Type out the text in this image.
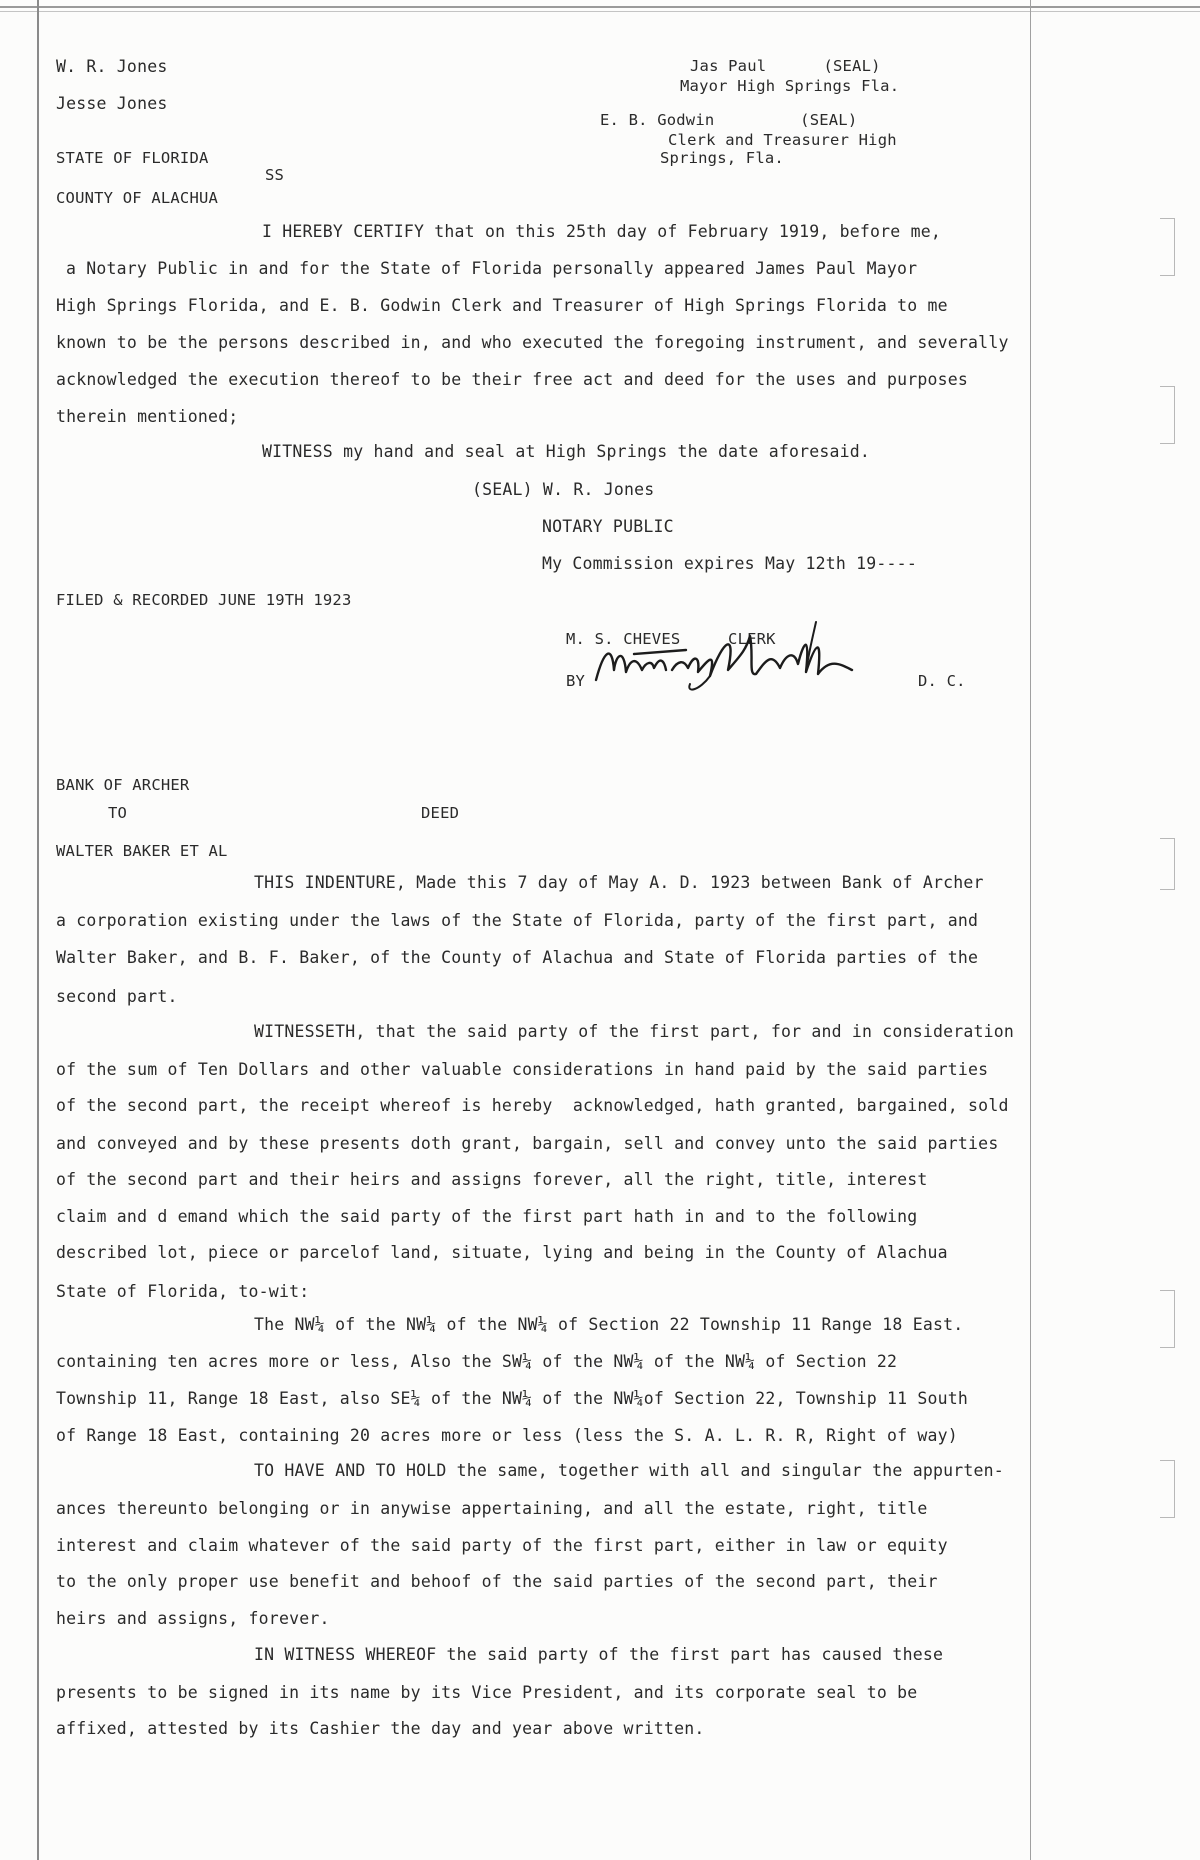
W. R. Jones
Jesse Jones
Jas Paul      (SEAL)
Mayor High Springs Fla.
E. B. Godwin         (SEAL)
Clerk and Treasurer High
Springs, Fla.
STATE OF FLORIDA
SS
COUNTY OF ALACHUA
I HEREBY CERTIFY that on this 25th day of February 1919, before me,
a Notary Public in and for the State of Florida personally appeared James Paul Mayor
High Springs Florida, and E. B. Godwin Clerk and Treasurer of High Springs Florida to me
known to be the persons described in, and who executed the foregoing instrument, and severally
acknowledged the execution thereof to be their free act and deed for the uses and purposes
therein mentioned;
WITNESS my hand and seal at High Springs the date aforesaid.
(SEAL) W. R. Jones
NOTARY PUBLIC
My Commission expires May 12th 19----
FILED & RECORDED JUNE 19TH 1923
M. S. CHEVES     CLERK
BY	D. C.
BANK OF ARCHER
TO	DEED
WALTER BAKER ET AL
THIS INDENTURE, Made this 7 day of May A. D. 1923 between Bank of Archer
a corporation existing under the laws of the State of Florida, party of the first part, and
Walter Baker, and B. F. Baker, of the County of Alachua and State of Florida parties of the
second part.
WITNESSETH, that the said party of the first part, for and in consideration
of the sum of Ten Dollars and other valuable considerations in hand paid by the said parties
of the second part, the receipt whereof is hereby  acknowledged, hath granted, bargained, sold
and conveyed and by these presents doth grant, bargain, sell and convey unto the said parties
of the second part and their heirs and assigns forever, all the right, title, interest
claim and d emand which the said party of the first part hath in and to the following
described lot, piece or parcelof land, situate, lying and being in the County of Alachua
State of Florida, to-wit:
The NW¼ of the NW¼ of the NW¼ of Section 22 Township 11 Range 18 East.
containing ten acres more or less, Also the SW¼ of the NW¼ of the NW¼ of Section 22
Township 11, Range 18 East, also SE¼ of the NW¼ of the NW¼of Section 22, Township 11 South
of Range 18 East, containing 20 acres more or less (less the S. A. L. R. R, Right of way)
TO HAVE AND TO HOLD the same, together with all and singular the appurten-
ances thereunto belonging or in anywise appertaining, and all the estate, right, title
interest and claim whatever of the said party of the first part, either in law or equity
to the only proper use benefit and behoof of the said parties of the second part, their
heirs and assigns, forever.
IN WITNESS WHEREOF the said party of the first part has caused these
presents to be signed in its name by its Vice President, and its corporate seal to be
affixed, attested by its Cashier the day and year above written.
